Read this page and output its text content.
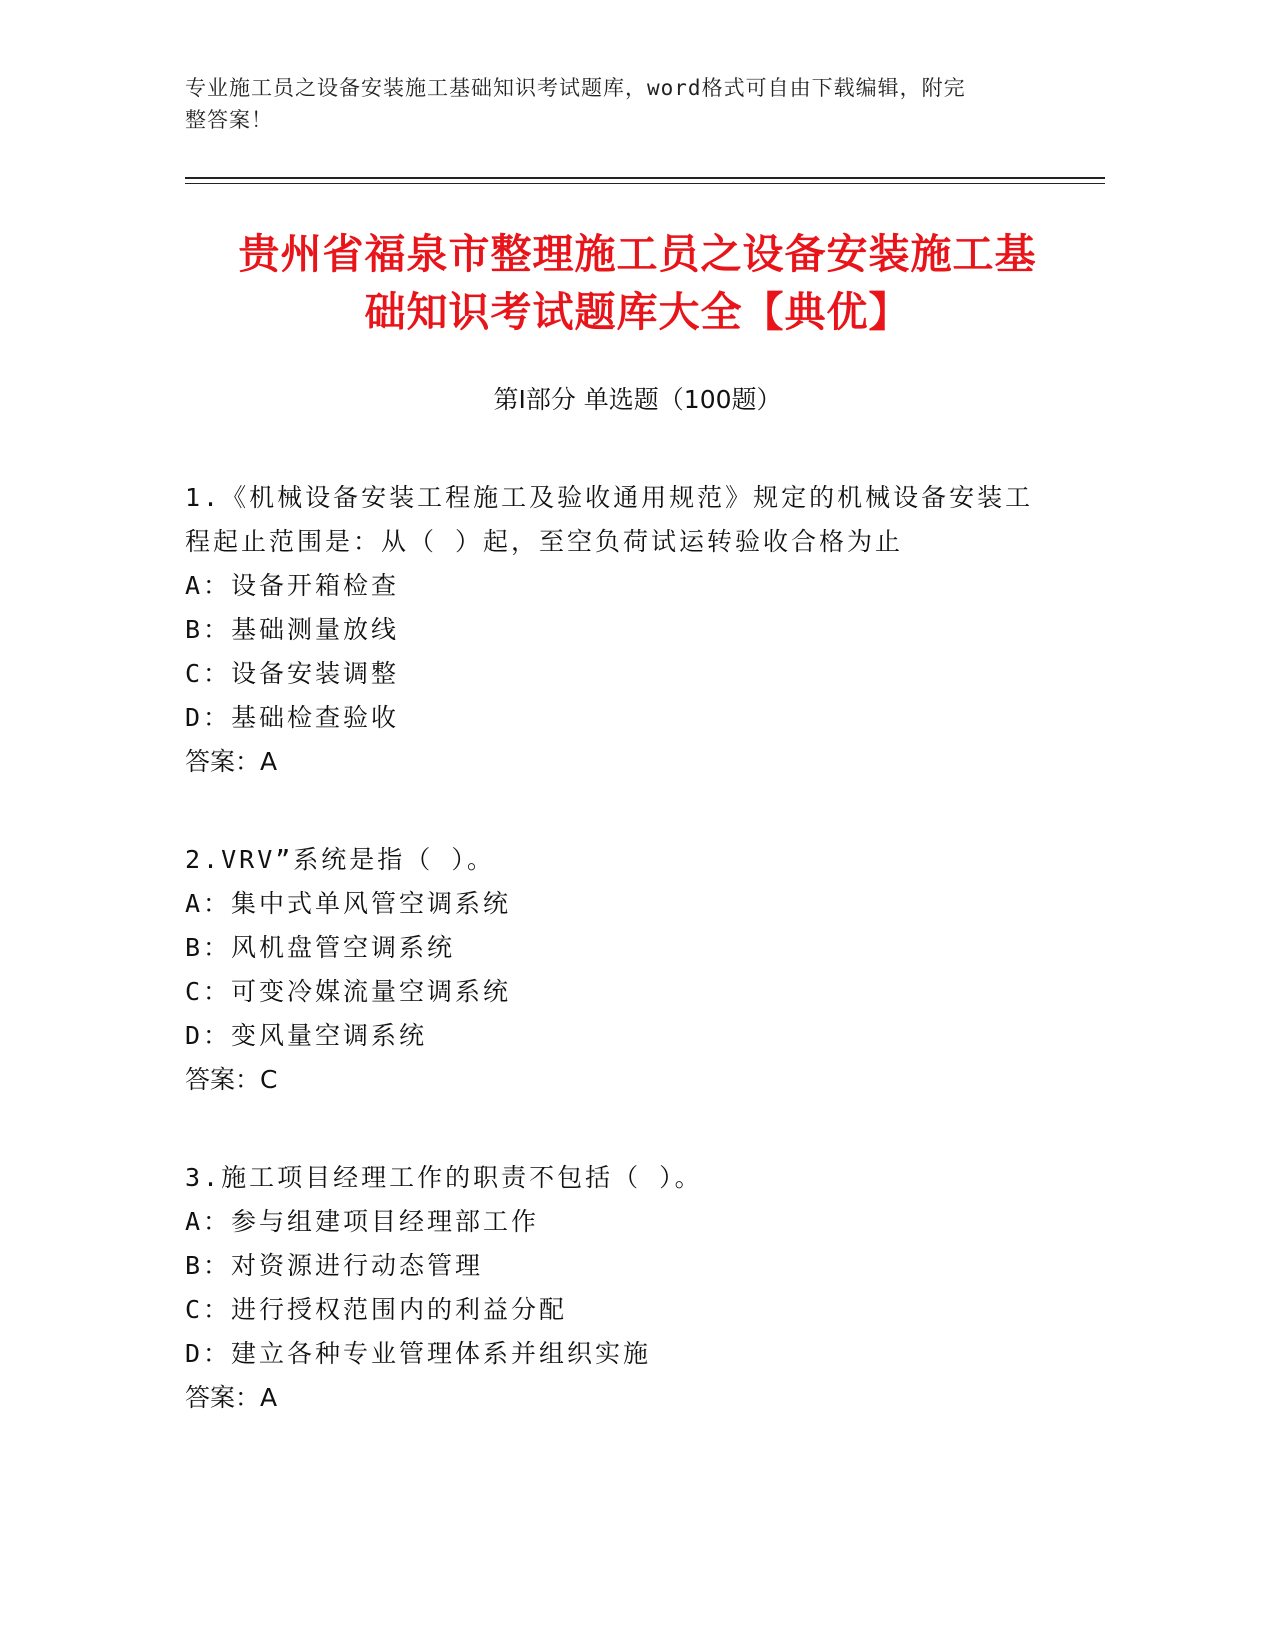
专业施工员之设备安装施工基础知识考试题库，word格式可自由下载编辑，附完
整答案！
贵州省福泉市整理施工员之设备安装施工基
础知识考试题库大全【典优】
第Ⅰ部分 单选题（100题）
1.《机械设备安装工程施工及验收通用规范》规定的机械设备安装工
程起止范围是：从（ ）起，至空负荷试运转验收合格为止
A：设备开箱检查
B：基础测量放线
C：设备安装调整
D：基础检查验收
答案：A
2.VRV”系统是指（ ）。
A：集中式单风管空调系统
B：风机盘管空调系统
C：可变冷媒流量空调系统
D：变风量空调系统
答案：C
3.施工项目经理工作的职责不包括（ ）。
A：参与组建项目经理部工作
B：对资源进行动态管理
C：进行授权范围内的利益分配
D：建立各种专业管理体系并组织实施
答案：A
